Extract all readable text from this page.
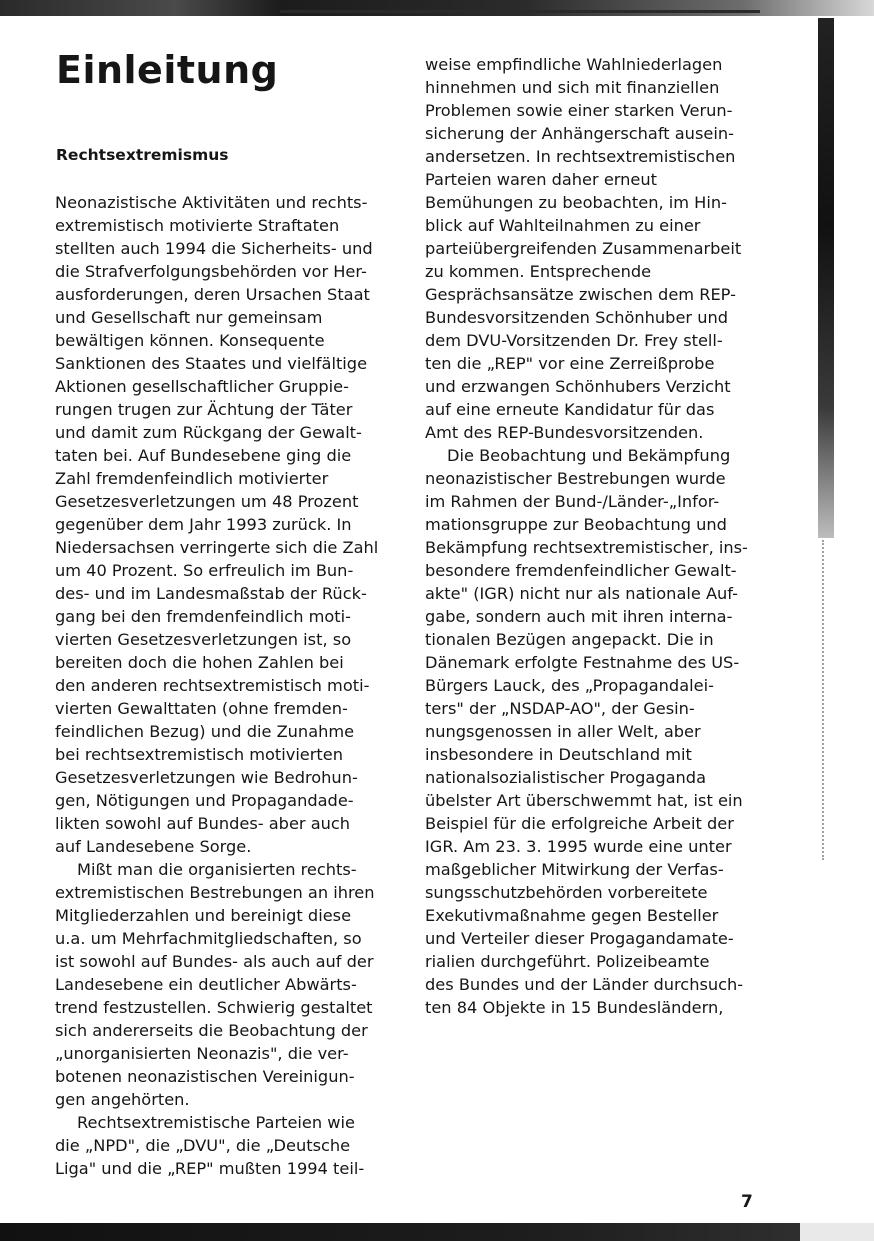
Einleitung
Rechtsextremismus
Neonazistische Aktivitäten und rechts-
extremistisch motivierte Straftaten
stellten auch 1994 die Sicherheits- und
die Strafverfolgungsbehörden vor Her-
ausforderungen, deren Ursachen Staat
und Gesellschaft nur gemeinsam
bewältigen können. Konsequente
Sanktionen des Staates und vielfältige
Aktionen gesellschaftlicher Gruppie-
rungen trugen zur Ächtung der Täter
und damit zum Rückgang der Gewalt-
taten bei. Auf Bundesebene ging die
Zahl fremdenfeindlich motivierter
Gesetzesverletzungen um 48 Prozent
gegenüber dem Jahr 1993 zurück. In
Niedersachsen verringerte sich die Zahl
um 40 Prozent. So erfreulich im Bun-
des- und im Landesmaßstab der Rück-
gang bei den fremdenfeindlich moti-
vierten Gesetzesverletzungen ist, so
bereiten doch die hohen Zahlen bei
den anderen rechtsextremistisch moti-
vierten Gewalttaten (ohne fremden-
feindlichen Bezug) und die Zunahme
bei rechtsextremistisch motivierten
Gesetzesverletzungen wie Bedrohun-
gen, Nötigungen und Propagandade-
likten sowohl auf Bundes- aber auch
auf Landesebene Sorge.
Mißt man die organisierten rechts-
extremistischen Bestrebungen an ihren
Mitgliederzahlen und bereinigt diese
u.a. um Mehrfachmitgliedschaften, so
ist sowohl auf Bundes- als auch auf der
Landesebene ein deutlicher Abwärts-
trend festzustellen. Schwierig gestaltet
sich andererseits die Beobachtung der
„unorganisierten Neonazis", die ver-
botenen neonazistischen Vereinigun-
gen angehörten.
Rechtsextremistische Parteien wie
die „NPD", die „DVU", die „Deutsche
Liga" und die „REP" mußten 1994 teil-
weise empfindliche Wahlniederlagen
hinnehmen und sich mit finanziellen
Problemen sowie einer starken Verun-
sicherung der Anhängerschaft ausein-
andersetzen. In rechtsextremistischen
Parteien waren daher erneut
Bemühungen zu beobachten, im Hin-
blick auf Wahlteilnahmen zu einer
parteiübergreifenden Zusammenarbeit
zu kommen. Entsprechende
Gesprächsansätze zwischen dem REP-
Bundesvorsitzenden Schönhuber und
dem DVU-Vorsitzenden Dr. Frey stell-
ten die „REP" vor eine Zerreißprobe
und erzwangen Schönhubers Verzicht
auf eine erneute Kandidatur für das
Amt des REP-Bundesvorsitzenden.
Die Beobachtung und Bekämpfung
neonazistischer Bestrebungen wurde
im Rahmen der Bund-/Länder-„Infor-
mationsgruppe zur Beobachtung und
Bekämpfung rechtsextremistischer, ins-
besondere fremdenfeindlicher Gewalt-
akte" (IGR) nicht nur als nationale Auf-
gabe, sondern auch mit ihren interna-
tionalen Bezügen angepackt. Die in
Dänemark erfolgte Festnahme des US-
Bürgers Lauck, des „Propagandalei-
ters" der „NSDAP-AO", der Gesin-
nungsgenossen in aller Welt, aber
insbesondere in Deutschland mit
nationalsozialistischer Progaganda
übelster Art überschwemmt hat, ist ein
Beispiel für die erfolgreiche Arbeit der
IGR. Am 23. 3. 1995 wurde eine unter
maßgeblicher Mitwirkung der Verfas-
sungsschutzbehörden vorbereitete
Exekutivmaßnahme gegen Besteller
und Verteiler dieser Progagandamate-
rialien durchgeführt. Polizeibeamte
des Bundes und der Länder durchsuch-
ten 84 Objekte in 15 Bundesländern,
7
